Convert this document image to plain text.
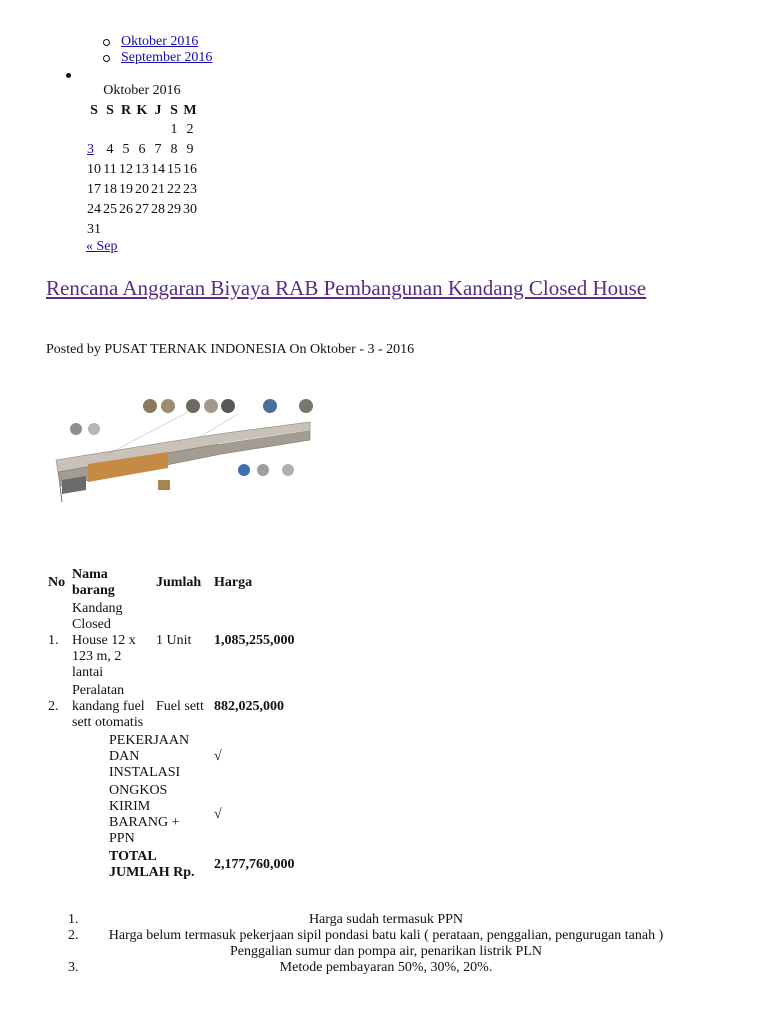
Oktober 2016
September 2016
Oktober 2016
S	S	R	K	J	S	M
					1	2
3	4	5	6	7	8	9
10	11	12	13	14	15	16
17	18	19	20	21	22	23
24	25	26	27	28	29	30
31						
« Sep
Rencana Anggaran Biyaya RAB Pembangunan Kandang Closed House
Posted by PUSAT TERNAK INDONESIA On Oktober - 3 - 2016
No	Nama barang	Jumlah	Harga
1.	Kandang Closed House 12 x 123 m, 2 lantai	1 Unit	1,085,255,000
2.	Peralatan kandang fuel sett otomatis	Fuel sett	882,025,000
	PEKERJAAN DAN INSTALASI		√
	ONGKOS KIRIM BARANG + PPN		√
	TOTAL JUMLAH Rp.		2,177,760,000
1.	Harga sudah termasuk PPN
2. Harga belum termasuk pekerjaan sipil pondasi batu kali ( perataan, penggalian, pengurugan tanah )
Penggalian sumur dan pompa air, penarikan listrik PLN
3.	Metode pembayaran 50%, 30%, 20%.
